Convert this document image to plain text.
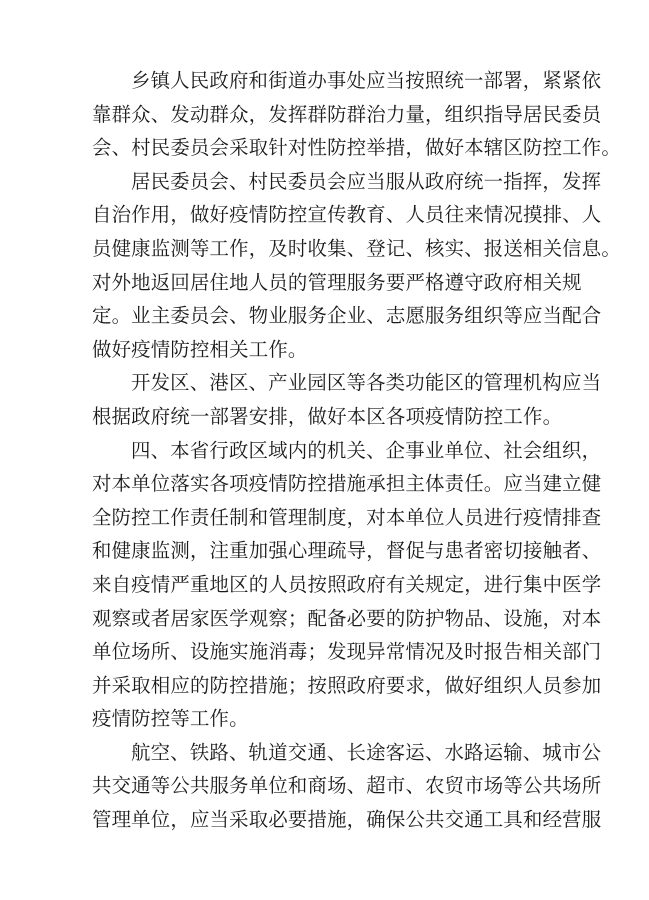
乡镇人民政府和街道办事处应当按照统一部署，紧紧依
靠群众、发动群众，发挥群防群治力量，组织指导居民委员
会、村民委员会采取针对性防控举措，做好本辖区防控工作。
居民委员会、村民委员会应当服从政府统一指挥，发挥
自治作用，做好疫情防控宣传教育、人员往来情况摸排、人
员健康监测等工作，及时收集、登记、核实、报送相关信息。
对外地返回居住地人员的管理服务要严格遵守政府相关规
定。业主委员会、物业服务企业、志愿服务组织等应当配合
做好疫情防控相关工作。
开发区、港区、产业园区等各类功能区的管理机构应当
根据政府统一部署安排，做好本区各项疫情防控工作。
四、本省行政区域内的机关、企事业单位、社会组织，
对本单位落实各项疫情防控措施承担主体责任。应当建立健
全防控工作责任制和管理制度，对本单位人员进行疫情排查
和健康监测，注重加强心理疏导，督促与患者密切接触者、
来自疫情严重地区的人员按照政府有关规定，进行集中医学
观察或者居家医学观察；配备必要的防护物品、设施，对本
单位场所、设施实施消毒；发现异常情况及时报告相关部门
并采取相应的防控措施；按照政府要求，做好组织人员参加
疫情防控等工作。
航空、铁路、轨道交通、长途客运、水路运输、城市公
共交通等公共服务单位和商场、超市、农贸市场等公共场所
管理单位，应当采取必要措施，确保公共交通工具和经营服
